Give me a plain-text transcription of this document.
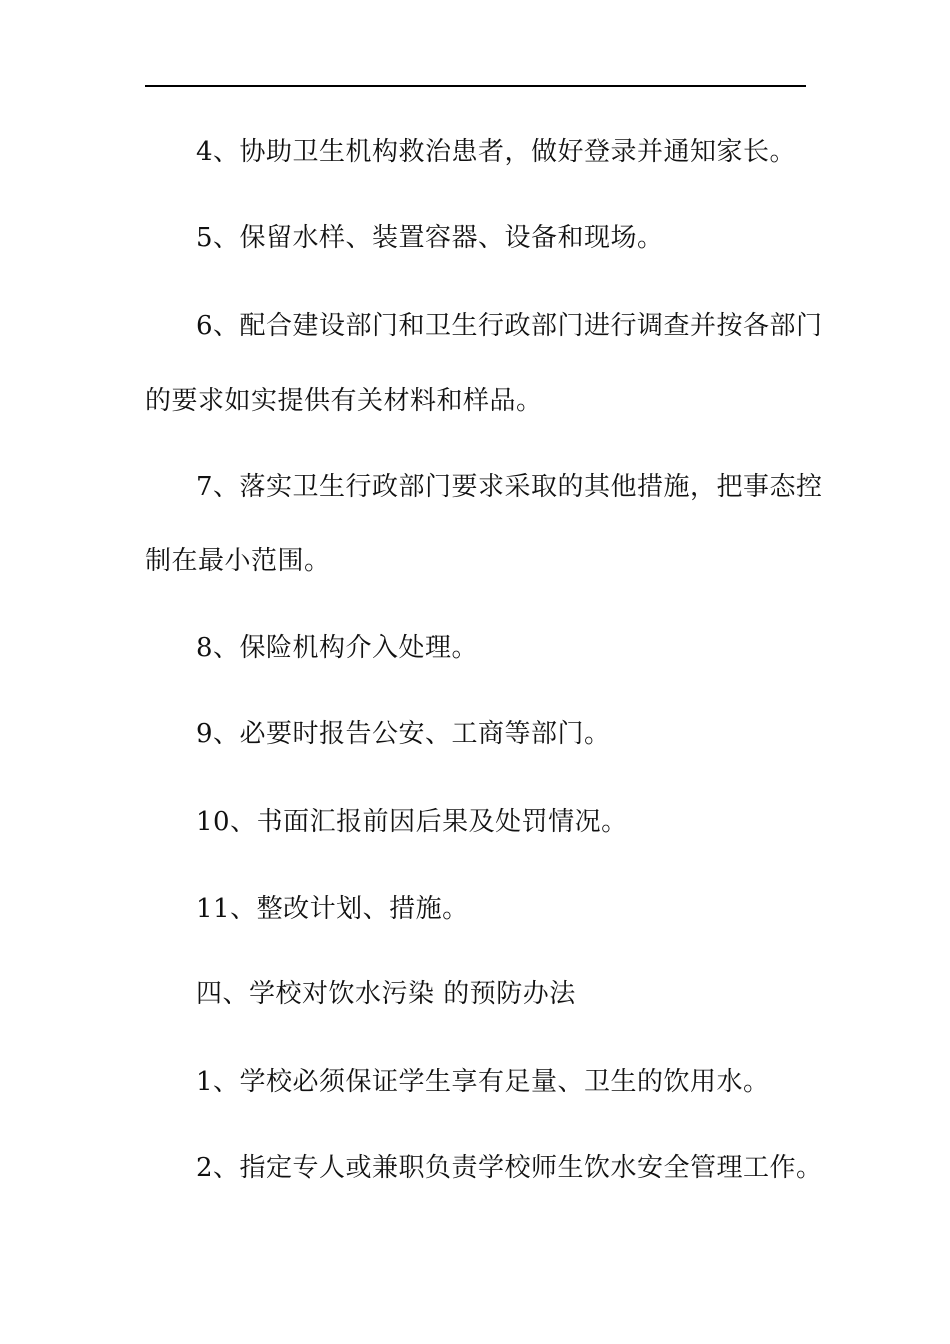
4、协助卫生机构救治患者，做好登录并通知家长。

5、保留水样、装置容器、设备和现场。

6、配合建设部门和卫生行政部门进行调查并按各部门

的要求如实提供有关材料和样品。

7、落实卫生行政部门要求采取的其他措施，把事态控

制在最小范围。

8、保险机构介入处理。

9、必要时报告公安、工商等部门。

10、书面汇报前因后果及处罚情况。

11、整改计划、措施。

四、学校对饮水污染 的预防办法

1、学校必须保证学生享有足量、卫生的饮用水。

2、指定专人或兼职负责学校师生饮水安全管理工作。
